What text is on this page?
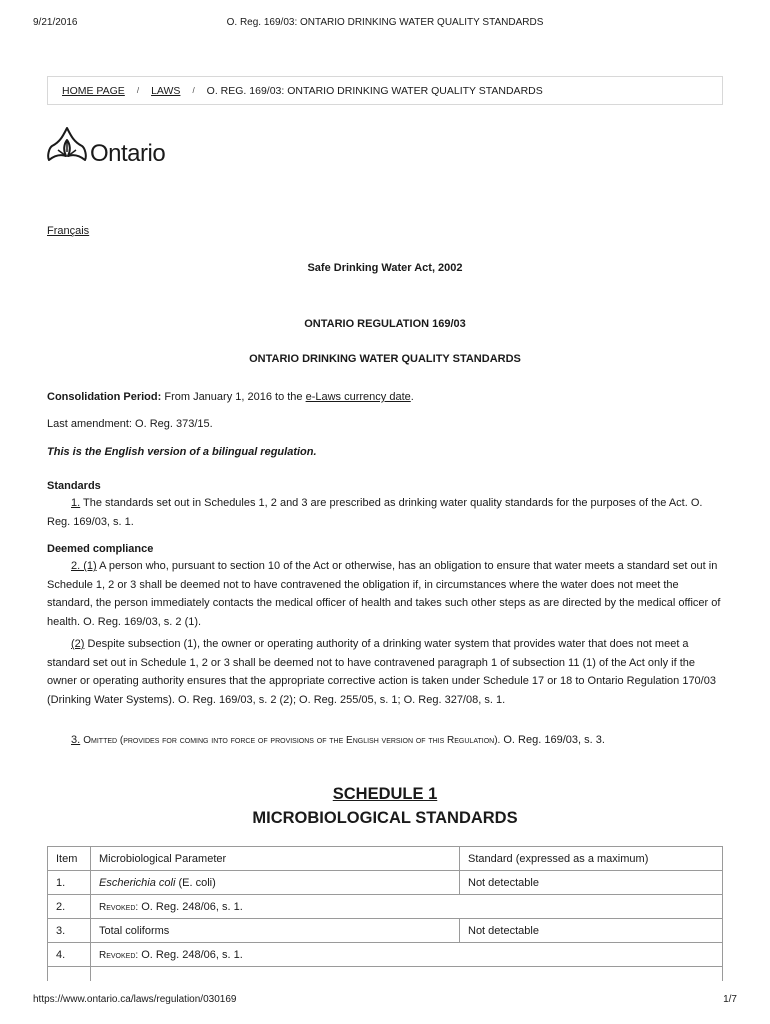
9/21/2016	O. Reg. 169/03: ONTARIO DRINKING WATER QUALITY STANDARDS
HOME PAGE / LAWS / O. REG. 169/03: ONTARIO DRINKING WATER QUALITY STANDARDS
Ontario
Français
Safe Drinking Water Act, 2002
ONTARIO REGULATION 169/03
ONTARIO DRINKING WATER QUALITY STANDARDS
Consolidation Period: From January 1, 2016 to the e-Laws currency date.
Last amendment: O. Reg. 373/15.
This is the English version of a bilingual regulation.
Standards
1. The standards set out in Schedules 1, 2 and 3 are prescribed as drinking water quality standards for the purposes of the Act. O. Reg. 169/03, s. 1.
Deemed compliance
2. (1) A person who, pursuant to section 10 of the Act or otherwise, has an obligation to ensure that water meets a standard set out in Schedule 1, 2 or 3 shall be deemed not to have contravened the obligation if, in circumstances where the water does not meet the standard, the person immediately contacts the medical officer of health and takes such other steps as are directed by the medical officer of health. O. Reg. 169/03, s. 2 (1).
(2) Despite subsection (1), the owner or operating authority of a drinking water system that provides water that does not meet a standard set out in Schedule 1, 2 or 3 shall be deemed not to have contravened paragraph 1 of subsection 11 (1) of the Act only if the owner or operating authority ensures that the appropriate corrective action is taken under Schedule 17 or 18 to Ontario Regulation 170/03 (Drinking Water Systems). O. Reg. 169/03, s. 2 (2); O. Reg. 255/05, s. 1; O. Reg. 327/08, s. 1.
3. Omitted (provides for coming into force of provisions of the English version of this Regulation). O. Reg. 169/03, s. 3.
SCHEDULE 1
MICROBIOLOGICAL STANDARDS
Item	Microbiological Parameter	Standard (expressed as a maximum)
1.	Escherichia coli (E. coli)	Not detectable
2.	Revoked: O. Reg. 248/06, s. 1.	
3.	Total coliforms	Not detectable
4.	Revoked: O. Reg. 248/06, s. 1.	

https://www.ontario.ca/laws/regulation/030169	1/7
